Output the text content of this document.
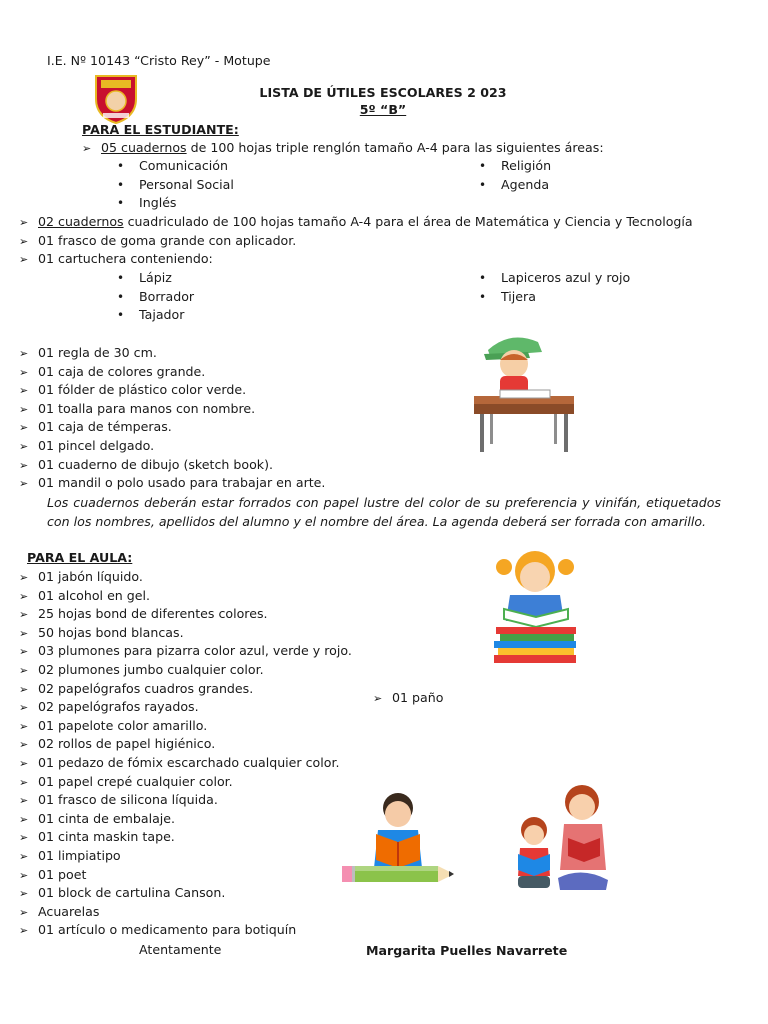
I.E. Nº 10143 “Cristo Rey” - Motupe
LISTA DE ÚTILES ESCOLARES 2 023
5º “B”
PARA EL ESTUDIANTE:
➢ 05 cuadernos de 100 hojas triple renglón tamaño A-4 para las siguientes áreas:
• Comunicación
• Personal Social
• Inglés
• Religión
• Agenda
➢ 02 cuadernos cuadriculado de 100 hojas tamaño A-4 para el área de Matemática y Ciencia y Tecnología
➢ 01 frasco de goma grande con aplicador.
➢ 01 cartuchera conteniendo:
• Lápiz
• Borrador
• Tajador
• Lapiceros azul y rojo
• Tijera
➢ 01 regla de 30 cm.
➢ 01 caja de colores grande.
➢ 01 fólder de plástico color verde.
➢ 01 toalla para manos con nombre.
➢ 01 caja de témperas.
➢ 01 pincel delgado.
➢ 01 cuaderno de dibujo (sketch book).
➢ 01 mandil o polo usado para trabajar en arte.
Los cuadernos deberán estar forrados con papel lustre del color de su preferencia y vinifán, etiquetados con los nombres, apellidos del alumno y el nombre del área. La agenda deberá ser forrada con amarillo.
PARA EL AULA:
➢ 01 jabón líquido.
➢ 01 alcohol en gel.
➢ 25 hojas bond de diferentes colores.
➢ 50 hojas bond blancas.
➢ 03 plumones para pizarra color azul, verde y rojo.
➢ 02 plumones jumbo cualquier color.
➢ 02 papelógrafos cuadros grandes.
➢ 02 papelógrafos rayados.
➢ 01 papelote color amarillo.
➢ 02 rollos de papel higiénico.
➢ 01 pedazo de fómix escarchado cualquier color.
➢ 01 papel crepé cualquier color.
➢ 01 frasco de silicona líquida.
➢ 01 cinta de embalaje.
➢ 01 cinta maskin tape.
➢ 01 limpiatipo
➢ 01 poet
➢ 01 block de cartulina Canson.
➢ Acuarelas
➢ 01 artículo o medicamento para botiquín
➢ 01 paño
Atentamente	Margarita Puelles Navarrete
